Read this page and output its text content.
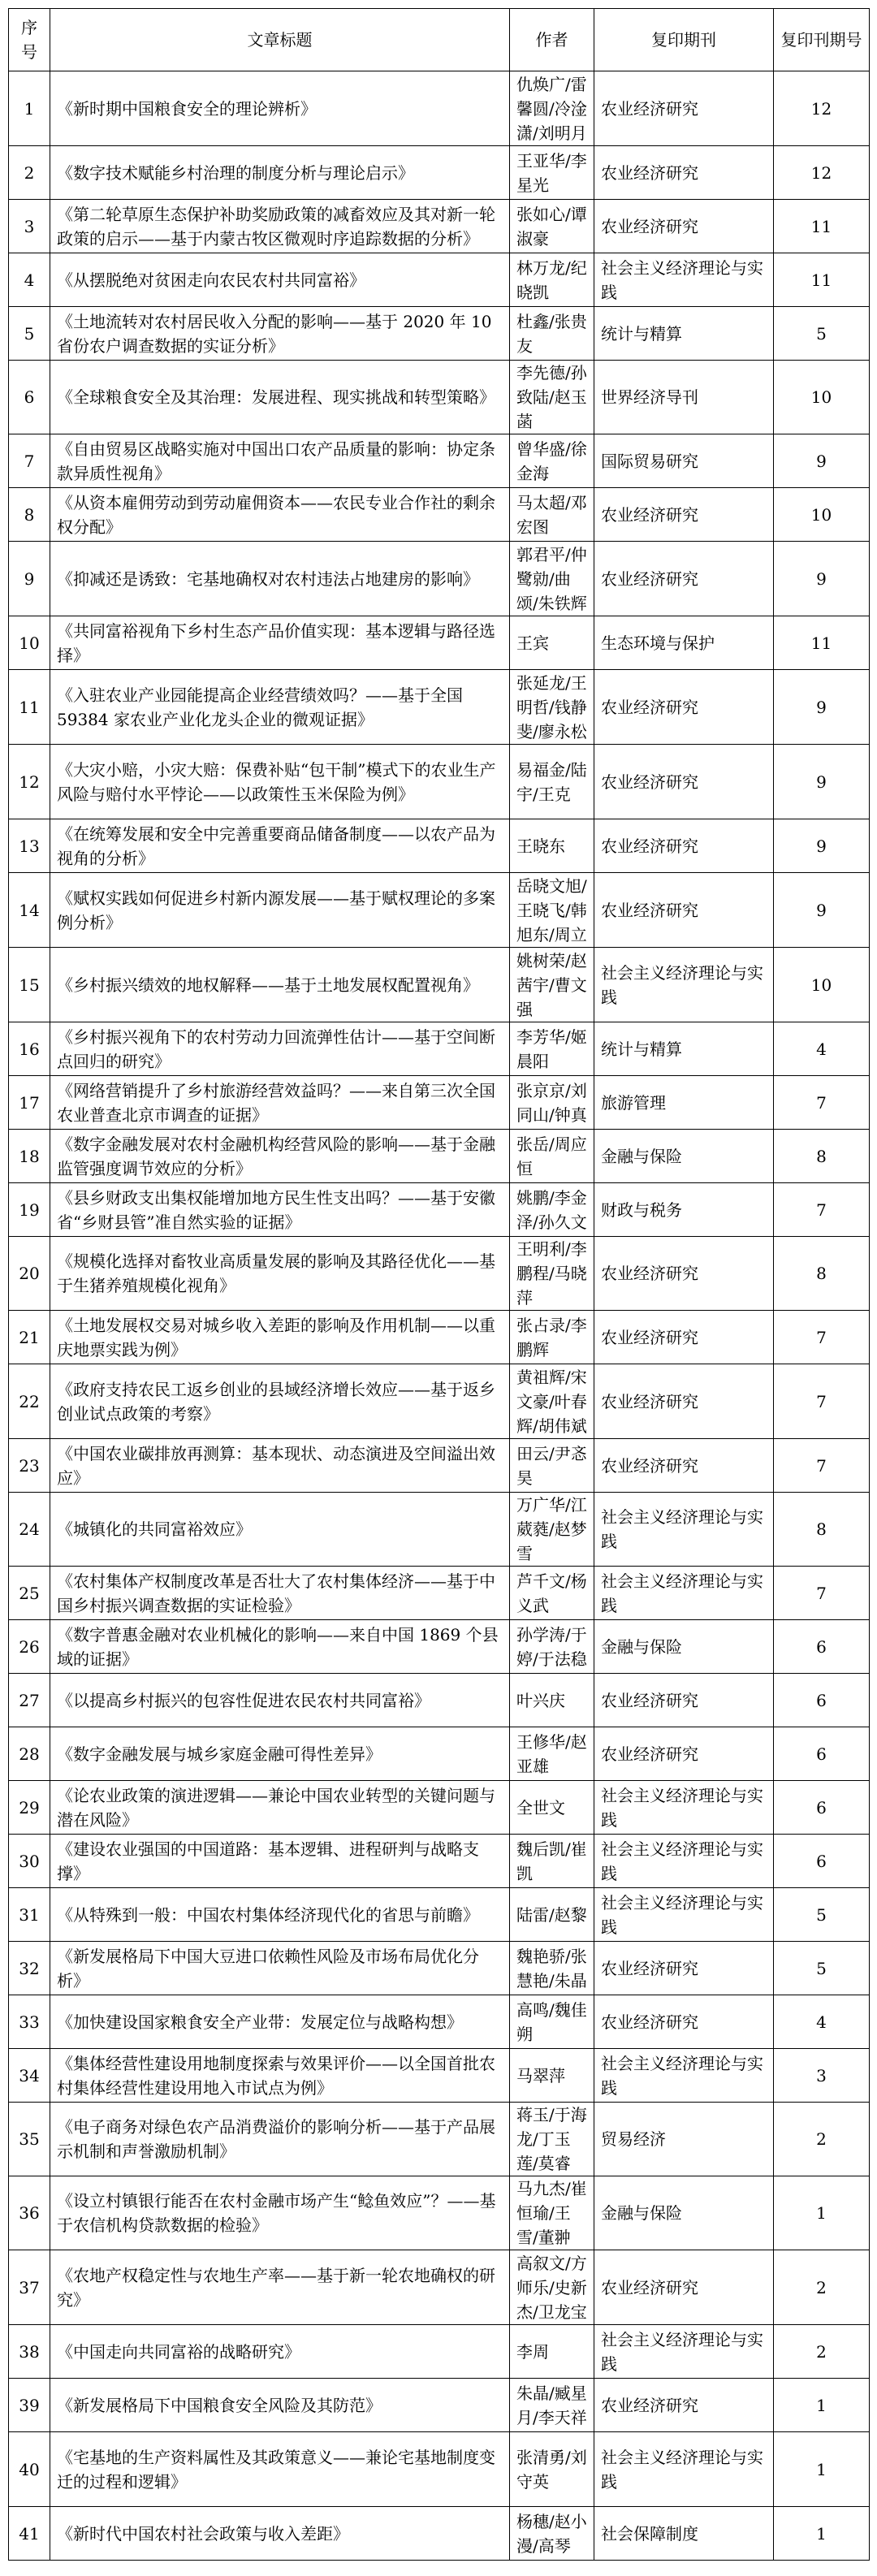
序号	文章标题	作者	复印期刊	复印刊期号
1	《新时期中国粮食安全的理论辨析》	仇焕广/雷馨圆/冷淦潇/刘明月	农业经济研究	12
2	《数字技术赋能乡村治理的制度分析与理论启示》	王亚华/李星光	农业经济研究	12
3	《第二轮草原生态保护补助奖励政策的减畜效应及其对新一轮政策的启示——基于内蒙古牧区微观时序追踪数据的分析》	张如心/谭淑豪	农业经济研究	11
4	《从摆脱绝对贫困走向农民农村共同富裕》	林万龙/纪晓凯	社会主义经济理论与实践	11
5	《土地流转对农村居民收入分配的影响——基于 2020 年 10 省份农户调查数据的实证分析》	杜鑫/张贵友	统计与精算	5
6	《全球粮食安全及其治理：发展进程、现实挑战和转型策略》	李先德/孙致陆/赵玉菡	世界经济导刊	10
7	《自由贸易区战略实施对中国出口农产品质量的影响：协定条款异质性视角》	曾华盛/徐金海	国际贸易研究	9
8	《从资本雇佣劳动到劳动雇佣资本——农民专业合作社的剩余权分配》	马太超/邓宏图	农业经济研究	10
9	《抑减还是诱致：宅基地确权对农村违法占地建房的影响》	郭君平/仲鹭勍/曲颂/朱铁辉	农业经济研究	9
10	《共同富裕视角下乡村生态产品价值实现：基本逻辑与路径选择》	王宾	生态环境与保护	11
11	《入驻农业产业园能提高企业经营绩效吗？——基于全国 59384 家农业产业化龙头企业的微观证据》	张延龙/王明哲/钱静斐/廖永松	农业经济研究	9
12	《大灾小赔，小灾大赔：保费补贴“包干制”模式下的农业生产风险与赔付水平悖论——以政策性玉米保险为例》	易福金/陆宇/王克	农业经济研究	9
13	《在统筹发展和安全中完善重要商品储备制度——以农产品为视角的分析》	王晓东	农业经济研究	9
14	《赋权实践如何促进乡村新内源发展——基于赋权理论的多案例分析》	岳晓文旭/王晓飞/韩旭东/周立	农业经济研究	9
15	《乡村振兴绩效的地权解释——基于土地发展权配置视角》	姚树荣/赵茜宇/曹文强	社会主义经济理论与实践	10
16	《乡村振兴视角下的农村劳动力回流弹性估计——基于空间断点回归的研究》	李芳华/姬晨阳	统计与精算	4
17	《网络营销提升了乡村旅游经营效益吗？——来自第三次全国农业普查北京市调查的证据》	张京京/刘同山/钟真	旅游管理	7
18	《数字金融发展对农村金融机构经营风险的影响——基于金融监管强度调节效应的分析》	张岳/周应恒	金融与保险	8
19	《县乡财政支出集权能增加地方民生性支出吗？——基于安徽省“乡财县管”准自然实验的证据》	姚鹏/李金泽/孙久文	财政与税务	7
20	《规模化选择对畜牧业高质量发展的影响及其路径优化——基于生猪养殖规模化视角》	王明利/李鹏程/马晓萍	农业经济研究	8
21	《土地发展权交易对城乡收入差距的影响及作用机制——以重庆地票实践为例》	张占录/李鹏辉	农业经济研究	7
22	《政府支持农民工返乡创业的县域经济增长效应——基于返乡创业试点政策的考察》	黄祖辉/宋文豪/叶春辉/胡伟斌	农业经济研究	7
23	《中国农业碳排放再测算：基本现状、动态演进及空间溢出效应》	田云/尹忞昊	农业经济研究	7
24	《城镇化的共同富裕效应》	万广华/江葳蕤/赵梦雪	社会主义经济理论与实践	8
25	《农村集体产权制度改革是否壮大了农村集体经济——基于中国乡村振兴调查数据的实证检验》	芦千文/杨义武	社会主义经济理论与实践	7
26	《数字普惠金融对农业机械化的影响——来自中国 1869 个县域的证据》	孙学涛/于婷/于法稳	金融与保险	6
27	《以提高乡村振兴的包容性促进农民农村共同富裕》	叶兴庆	农业经济研究	6
28	《数字金融发展与城乡家庭金融可得性差异》	王修华/赵亚雄	农业经济研究	6
29	《论农业政策的演进逻辑——兼论中国农业转型的关键问题与潜在风险》	全世文	社会主义经济理论与实践	6
30	《建设农业强国的中国道路：基本逻辑、进程研判与战略支撑》	魏后凯/崔凯	社会主义经济理论与实践	6
31	《从特殊到一般：中国农村集体经济现代化的省思与前瞻》	陆雷/赵黎	社会主义经济理论与实践	5
32	《新发展格局下中国大豆进口依赖性风险及市场布局优化分析》	魏艳骄/张慧艳/朱晶	农业经济研究	5
33	《加快建设国家粮食安全产业带：发展定位与战略构想》	高鸣/魏佳朔	农业经济研究	4
34	《集体经营性建设用地制度探索与效果评价——以全国首批农村集体经营性建设用地入市试点为例》	马翠萍	社会主义经济理论与实践	3
35	《电子商务对绿色农产品消费溢价的影响分析——基于产品展示机制和声誉激励机制》	蒋玉/于海龙/丁玉莲/莫睿	贸易经济	2
36	《设立村镇银行能否在农村金融市场产生“鲶鱼效应”？——基于农信机构贷款数据的检验》	马九杰/崔恒瑜/王雪/董翀	金融与保险	1
37	《农地产权稳定性与农地生产率——基于新一轮农地确权的研究》	高叙文/方师乐/史新杰/卫龙宝	农业经济研究	2
38	《中国走向共同富裕的战略研究》	李周	社会主义经济理论与实践	2
39	《新发展格局下中国粮食安全风险及其防范》	朱晶/臧星月/李天祥	农业经济研究	1
40	《宅基地的生产资料属性及其政策意义——兼论宅基地制度变迁的过程和逻辑》	张清勇/刘守英	社会主义经济理论与实践	1
41	《新时代中国农村社会政策与收入差距》	杨穗/赵小漫/高琴	社会保障制度	1
